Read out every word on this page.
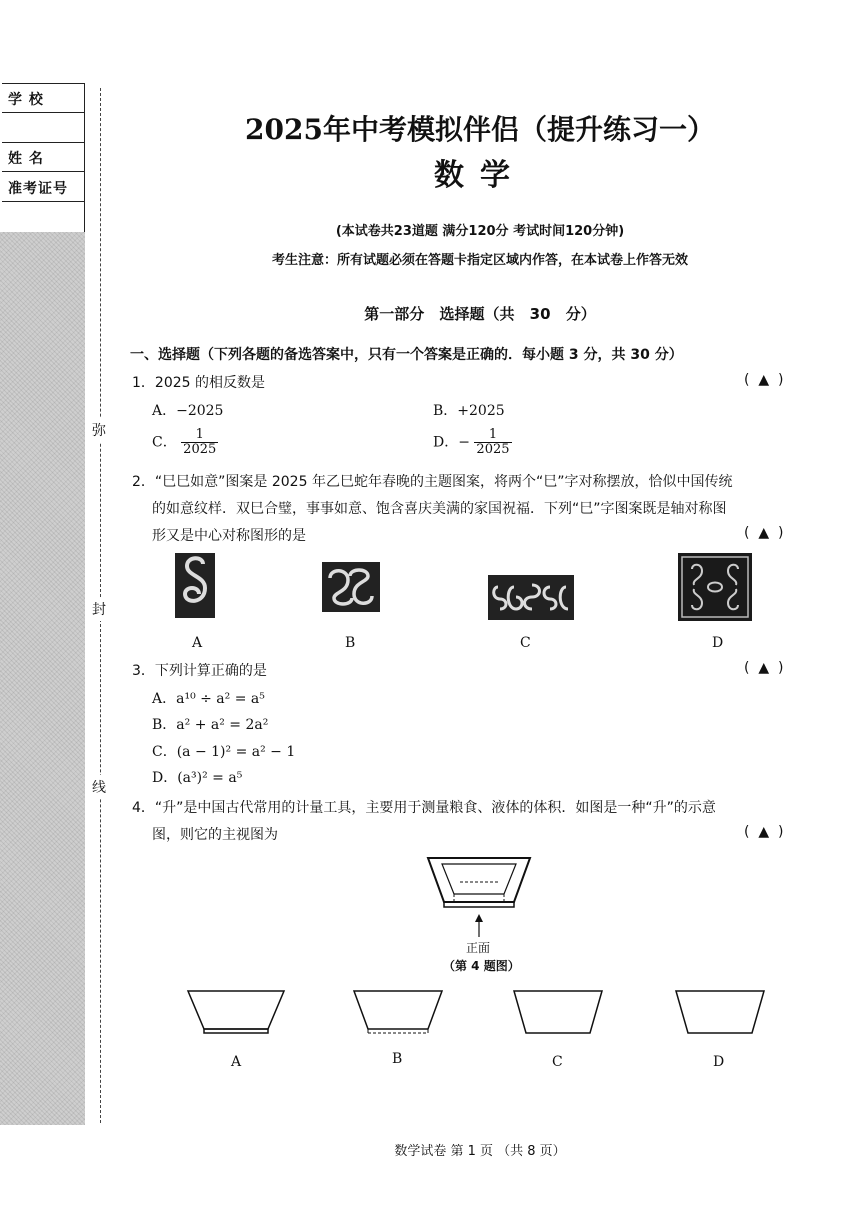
学 校
姓 名
准考证号
弥
封
线
2025年中考模拟伴侣（提升练习一）
数学
(本试卷共23道题 满分120分 考试时间120分钟)
考生注意：所有试题必须在答题卡指定区域内作答，在本试卷上作答无效
第一部分 选择题（共 30 分）
一、选择题（下列各题的备选答案中，只有一个答案是正确的．每小题 3 分，共 30 分）
1．2025 的相反数是	(  ▲  )
A．−2025	B．+2025
C． $\frac{1}{2025}$	D．− $\frac{1}{2025}$
2．“巳巳如意”图案是 2025 年乙巳蛇年春晚的主题图案，将两个“巳”字对称摆放，恰似中国传统
的如意纹样．双巳合璧，事事如意、饱含喜庆美满的家国祝福．下列“巳”字图案既是轴对称图
形又是中心对称图形的是	(  ▲  )
A	B	C	D
3．下列计算正确的是	(  ▲  )
A．a¹⁰ ÷ a² = a⁵
B．a² + a² = 2a²
C．(a − 1)² = a² − 1
D．(a³)² = a⁵
4．“升”是中国古代常用的计量工具，主要用于测量粮食、液体的体积．如图是一种“升”的示意
图，则它的主视图为	(  ▲  )
正面
（第 4 题图）
A	B	C	D
数学试卷 第 1 页 （共 8 页）
